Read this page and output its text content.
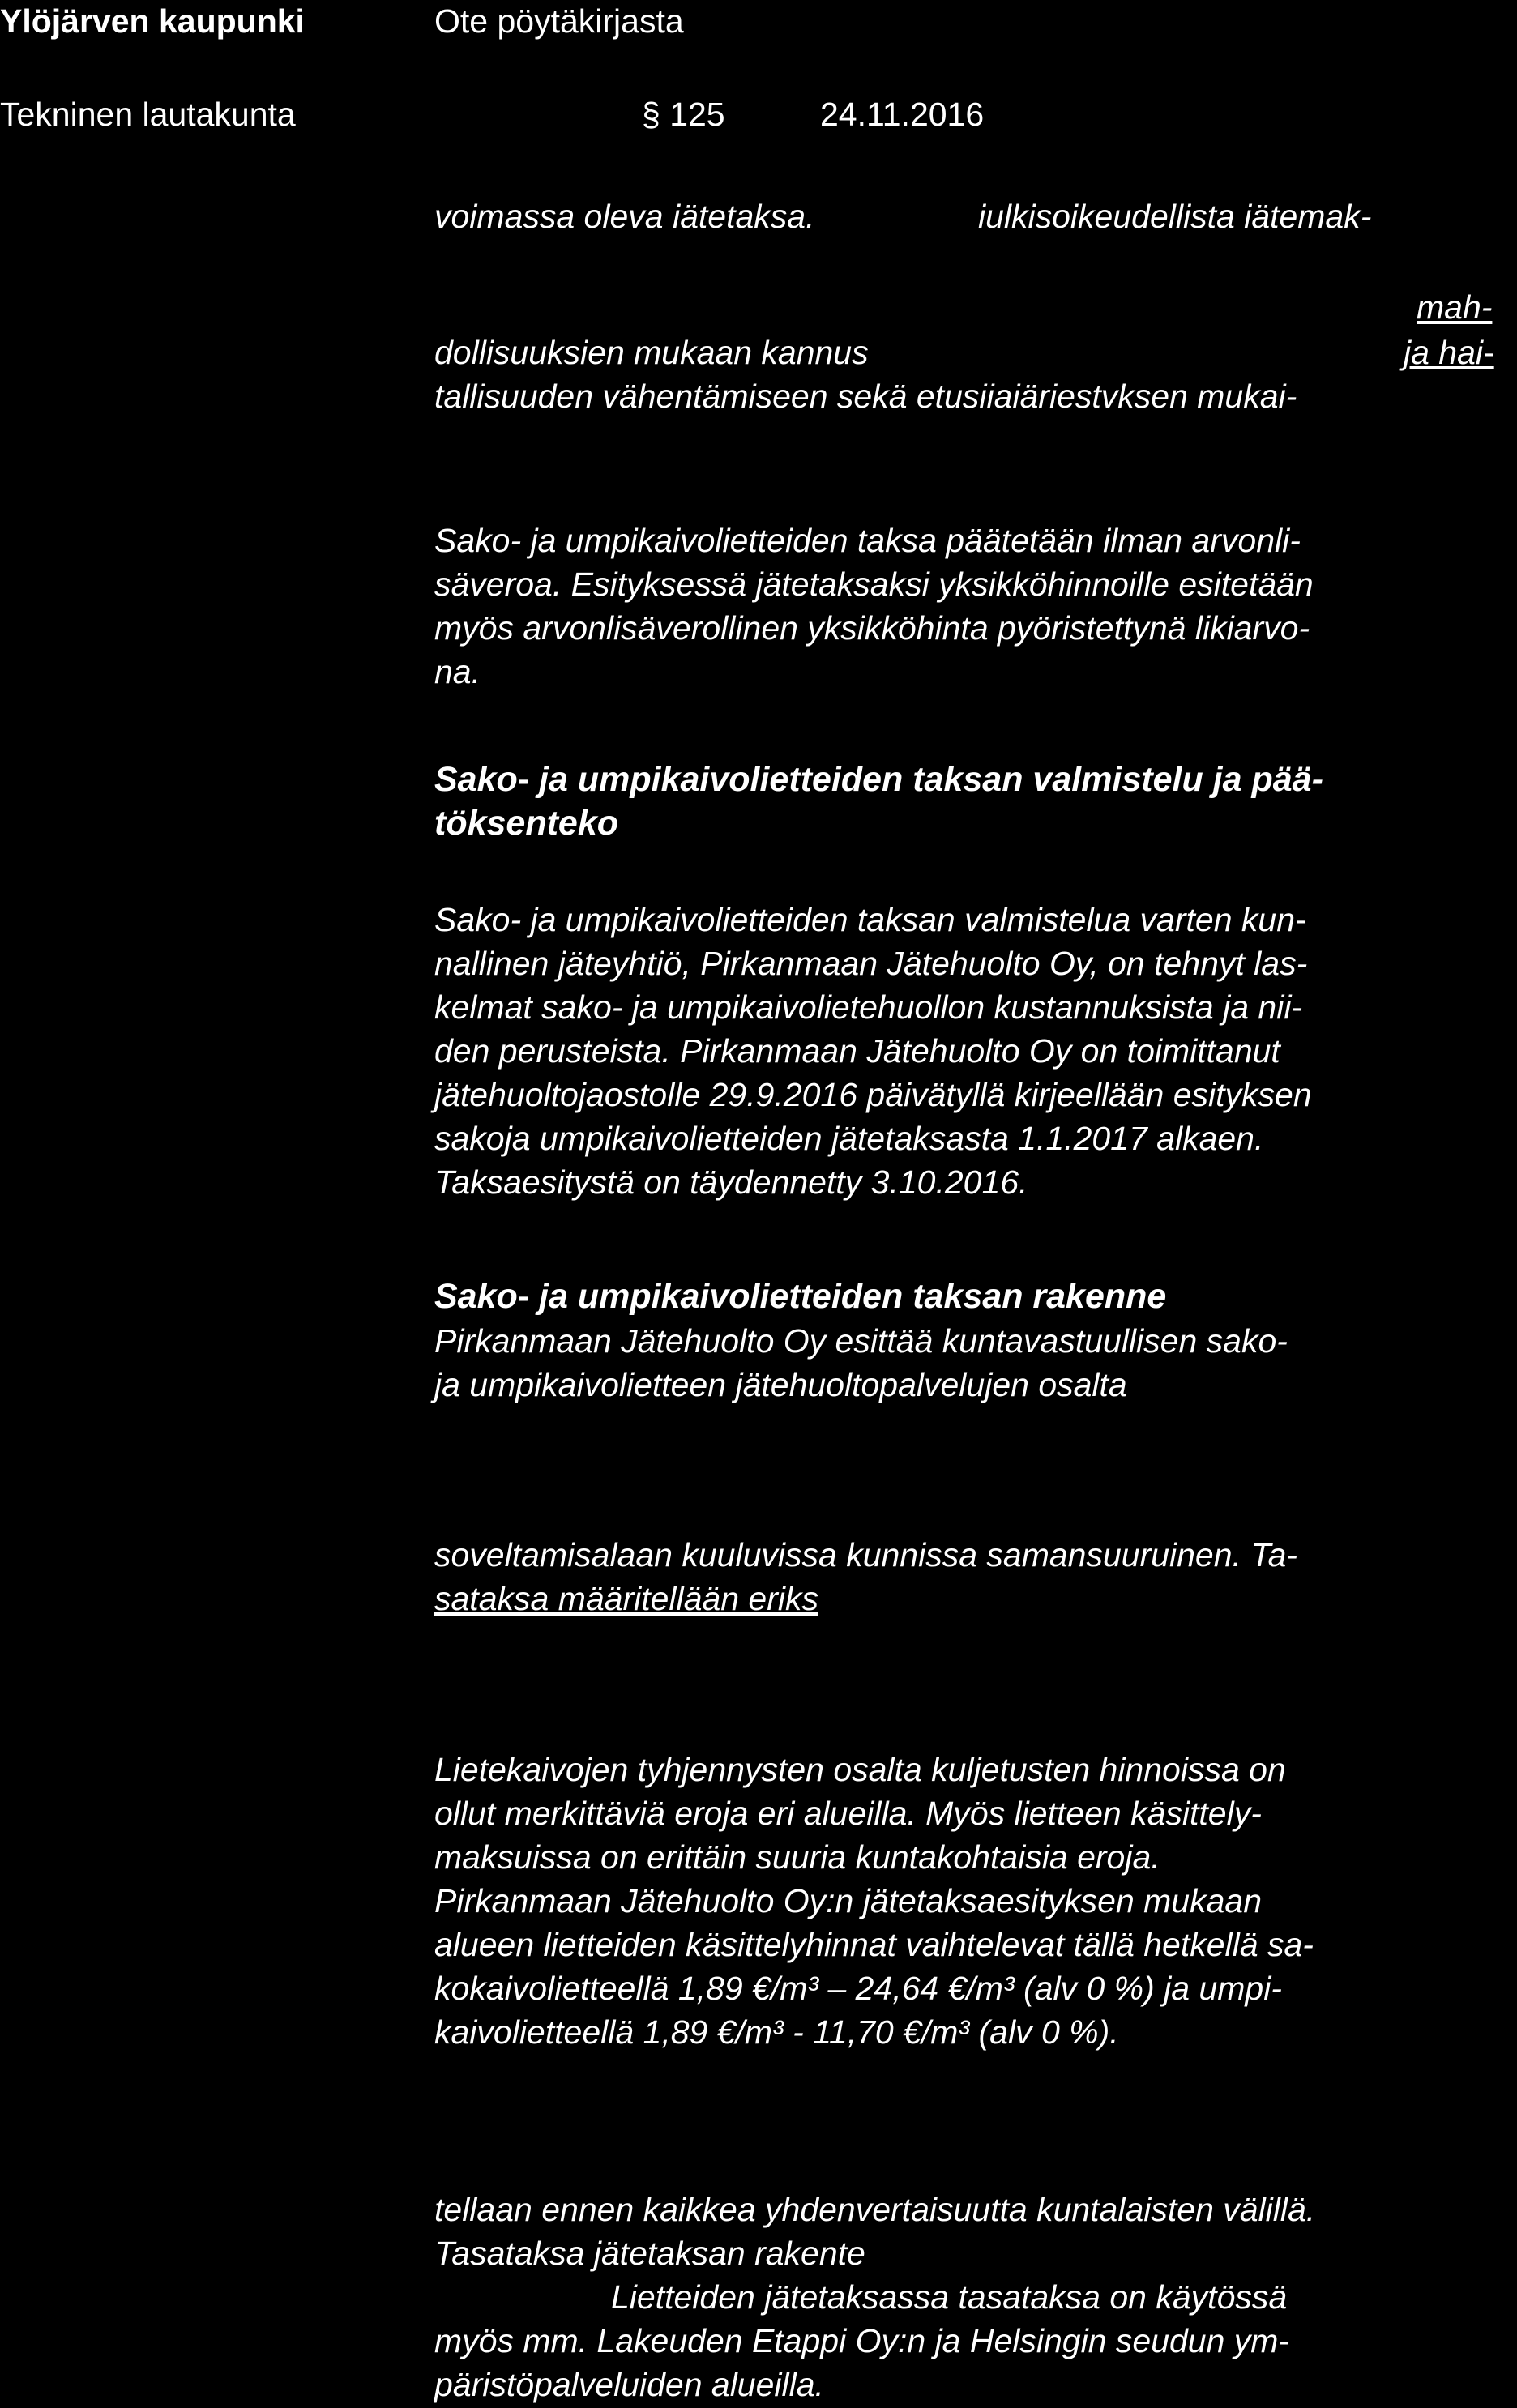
Ylöjärven kaupunki	Ote pöytäkirjasta
Tekninen lautakunta	§ 125	24.11.2016
voimassa oleva iätetaksa.	iulkisoikeudellista iätemak-
mah-
dollisuuksien mukaan kannus	ja hai-
tallisuuden vähentämiseen sekä etusiiaiäriestvksen mukai-
Sako- ja umpikaivolietteiden taksa päätetään ilman arvonli-
säveroa. Esityksessä jätetaksaksi yksikköhinnoille esitetään
myös arvonlisäverollinen yksikköhinta pyöristettynä likiarvo-
na.
Sako- ja umpikaivolietteiden taksan valmistelu ja pää-
töksenteko
Sako- ja umpikaivolietteiden taksan valmistelua varten kun-
nallinen jäteyhtiö, Pirkanmaan Jätehuolto Oy, on tehnyt las-
kelmat sako- ja umpikaivolietehuollon kustannuksista ja nii-
den perusteista. Pirkanmaan Jätehuolto Oy on toimittanut
jätehuoltojaostolle 29.9.2016 päivätyllä kirjeellään esityksen
sakoja umpikaivolietteiden jätetaksasta 1.1.2017 alkaen.
Taksaesitystä on täydennetty 3.10.2016.
Sako- ja umpikaivolietteiden taksan rakenne
Pirkanmaan Jätehuolto Oy esittää kuntavastuullisen sako-
ja umpikaivolietteen jätehuoltopalvelujen osalta
soveltamisalaan kuuluvissa kunnissa samansuuruinen. Ta-
sataksa määritellään eriks
Lietekaivojen tyhjennysten osalta kuljetusten hinnoissa on
ollut merkittäviä eroja eri alueilla. Myös lietteen käsittely-
maksuissa on erittäin suuria kuntakohtaisia eroja.
Pirkanmaan Jätehuolto Oy:n jätetaksaesityksen mukaan
alueen lietteiden käsittelyhinnat vaihtelevat tällä hetkellä sa-
kokaivolietteellä 1,89 €/m³ – 24,64 €/m³ (alv 0 %) ja umpi-
kaivolietteellä 1,89 €/m³ - 11,70 €/m³ (alv 0 %).
tellaan ennen kaikkea yhdenvertaisuutta kuntalaisten välillä.
Tasataksa jätetaksan rakente
Lietteiden jätetaksassa tasataksa on käytössä
myös mm. Lakeuden Etappi Oy:n ja Helsingin seudun ym-
päristöpalveluiden alueilla.
